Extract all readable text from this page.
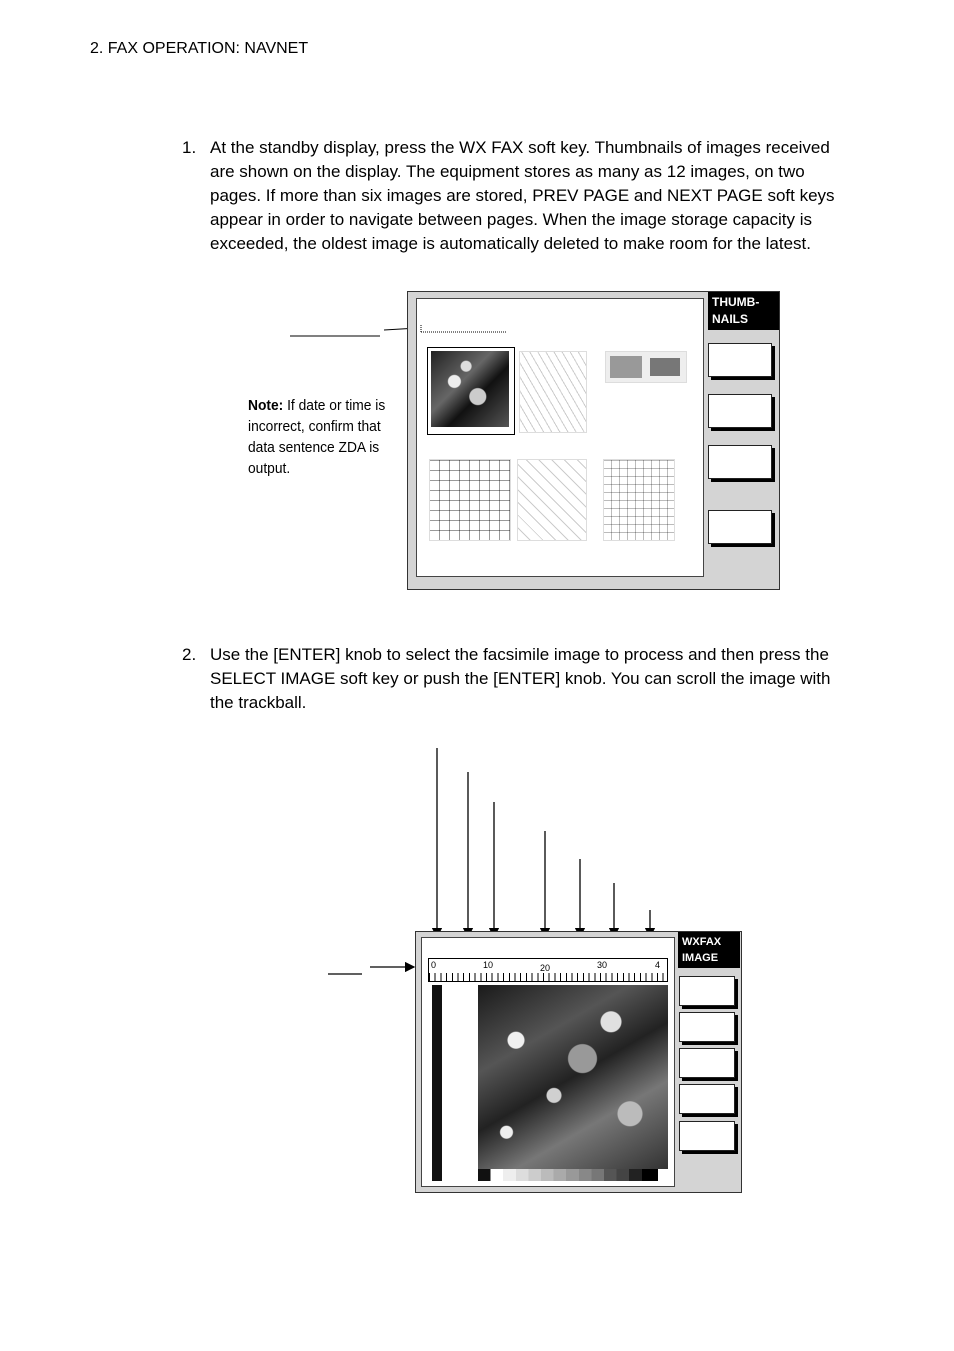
2. FAX OPERATION: NAVNET
1. At the standby display, press the WX FAX soft key. Thumbnails of images received are shown on the display. The equipment stores as many as 12 images, on two pages. If more than six images are stored, PREV PAGE and NEXT PAGE soft keys appear in order to navigate between pages. When the image storage capacity is exceeded, the oldest image is automatically deleted to make room for the latest.
Note: If date or time is incorrect, confirm that data sentence ZDA is output.
THUMB-
NAILS
2. Use the [ENTER] knob to select the facsimile image to process and then press the SELECT IMAGE soft key or push the [ENTER] knob. You can scroll the image with the trackball.
0	10	20	30	4
WXFAX
IMAGE
